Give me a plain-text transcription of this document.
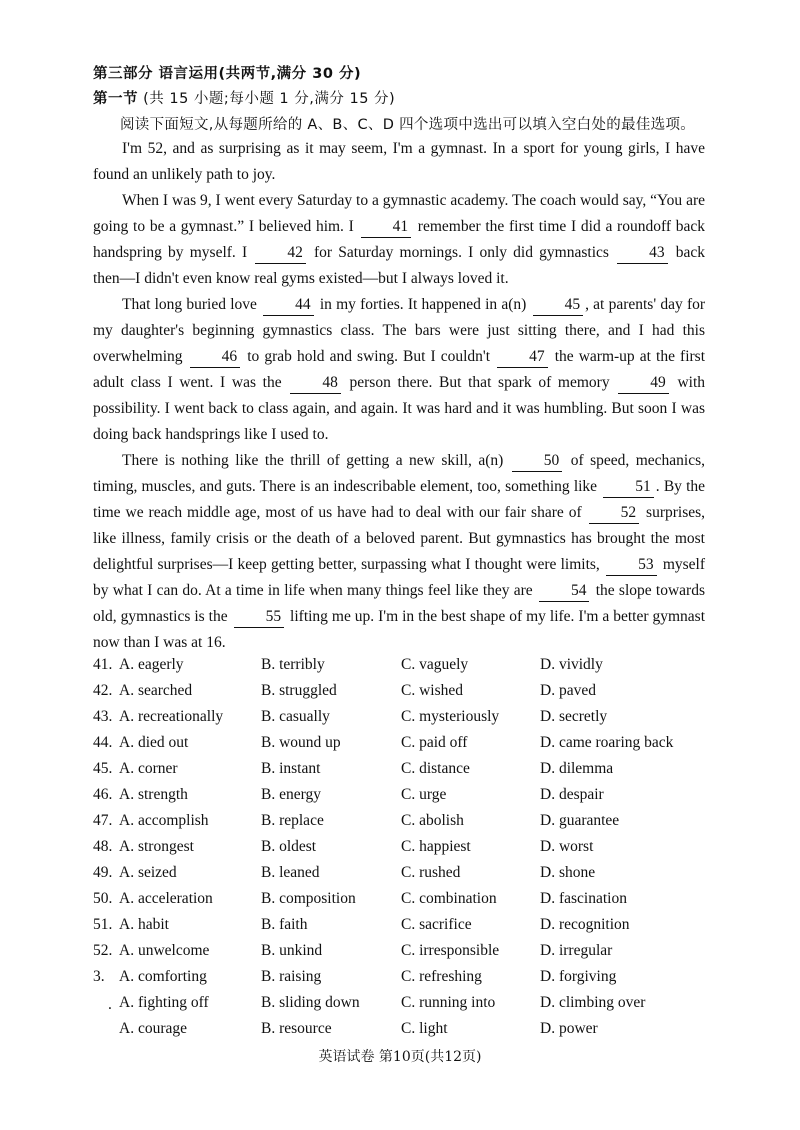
第三部分 语言运用(共两节,满分 30 分)
第一节 (共 15 小题;每小题 1 分,满分 15 分)
阅读下面短文,从每题所给的 A、B、C、D 四个选项中选出可以填入空白处的最佳选项。

I'm 52, and as surprising as it may seem, I'm a gymnast. In a sport for young girls, I have found an unlikely path to joy.

When I was 9, I went every Saturday to a gymnastic academy. The coach would say, “You are going to be a gymnast.” I believed him. I 41 remember the first time I did a roundoff back handspring by myself. I	42 for Saturday mornings. I only did gymnastics	43 back then—I didn't even know real gyms existed—but I always loved it.

That long buried love 44 in my forties. It happened in a(n) 45 , at parents' day for my daughter's beginning gymnastics class. The bars were just sitting there, and I had this overwhelming	46 to grab hold and swing. But I couldn't	47 the warm-up at the first adult class I went. I was the	48 person there. But that spark of memory	49 with possibility. I went back to class again, and again. It was hard and it was humbling. But soon I was doing back handsprings like I used to.

There is nothing like the thrill of getting a new skill, a(n)	50 of speed, mechanics, timing, muscles, and guts. There is an indescribable element, too, something like 51 . By the time we reach middle age, most of us have had to deal with our fair share of	52 surprises, like illness, family crisis or the death of a beloved parent. But gymnastics has brought the most delightful surprises—I keep getting better, surpassing what I thought were limits, 53 myself by what I can do. At a time in life when many things feel like they are 54 the slope towards old, gymnastics is the 55 lifting me up. I'm in the best shape of my life. I'm a better gymnast now than I was at 16.

41. A. eagerly	B. terribly	C. vaguely	D. vividly
42. A. searched	B. struggled	C. wished	D. paved
43. A. recreationally	B. casually	C. mysteriously	D. secretly
44. A. died out	B. wound up	C. paid off	D. came roaring back
45. A. corner	B. instant	C. distance	D. dilemma
46. A. strength	B. energy	C. urge	D. despair
47. A. accomplish	B. replace	C. abolish	D. guarantee
48. A. strongest	B. oldest	C. happiest	D. worst
49. A. seized	B. leaned	C. rushed	D. shone
50. A. acceleration	B. composition	C. combination	D. fascination
51. A. habit	B. faith	C. sacrifice	D. recognition
52. A. unwelcome	B. unkind	C. irresponsible	D. irregular
3. A. comforting	B. raising	C. refreshing	D. forgiving
ﾠ. A. fighting off	B. sliding down	C. running into	D. climbing over
A. courage	B. resource	C. light	D. power
英语试卷 第10页(共12页)
